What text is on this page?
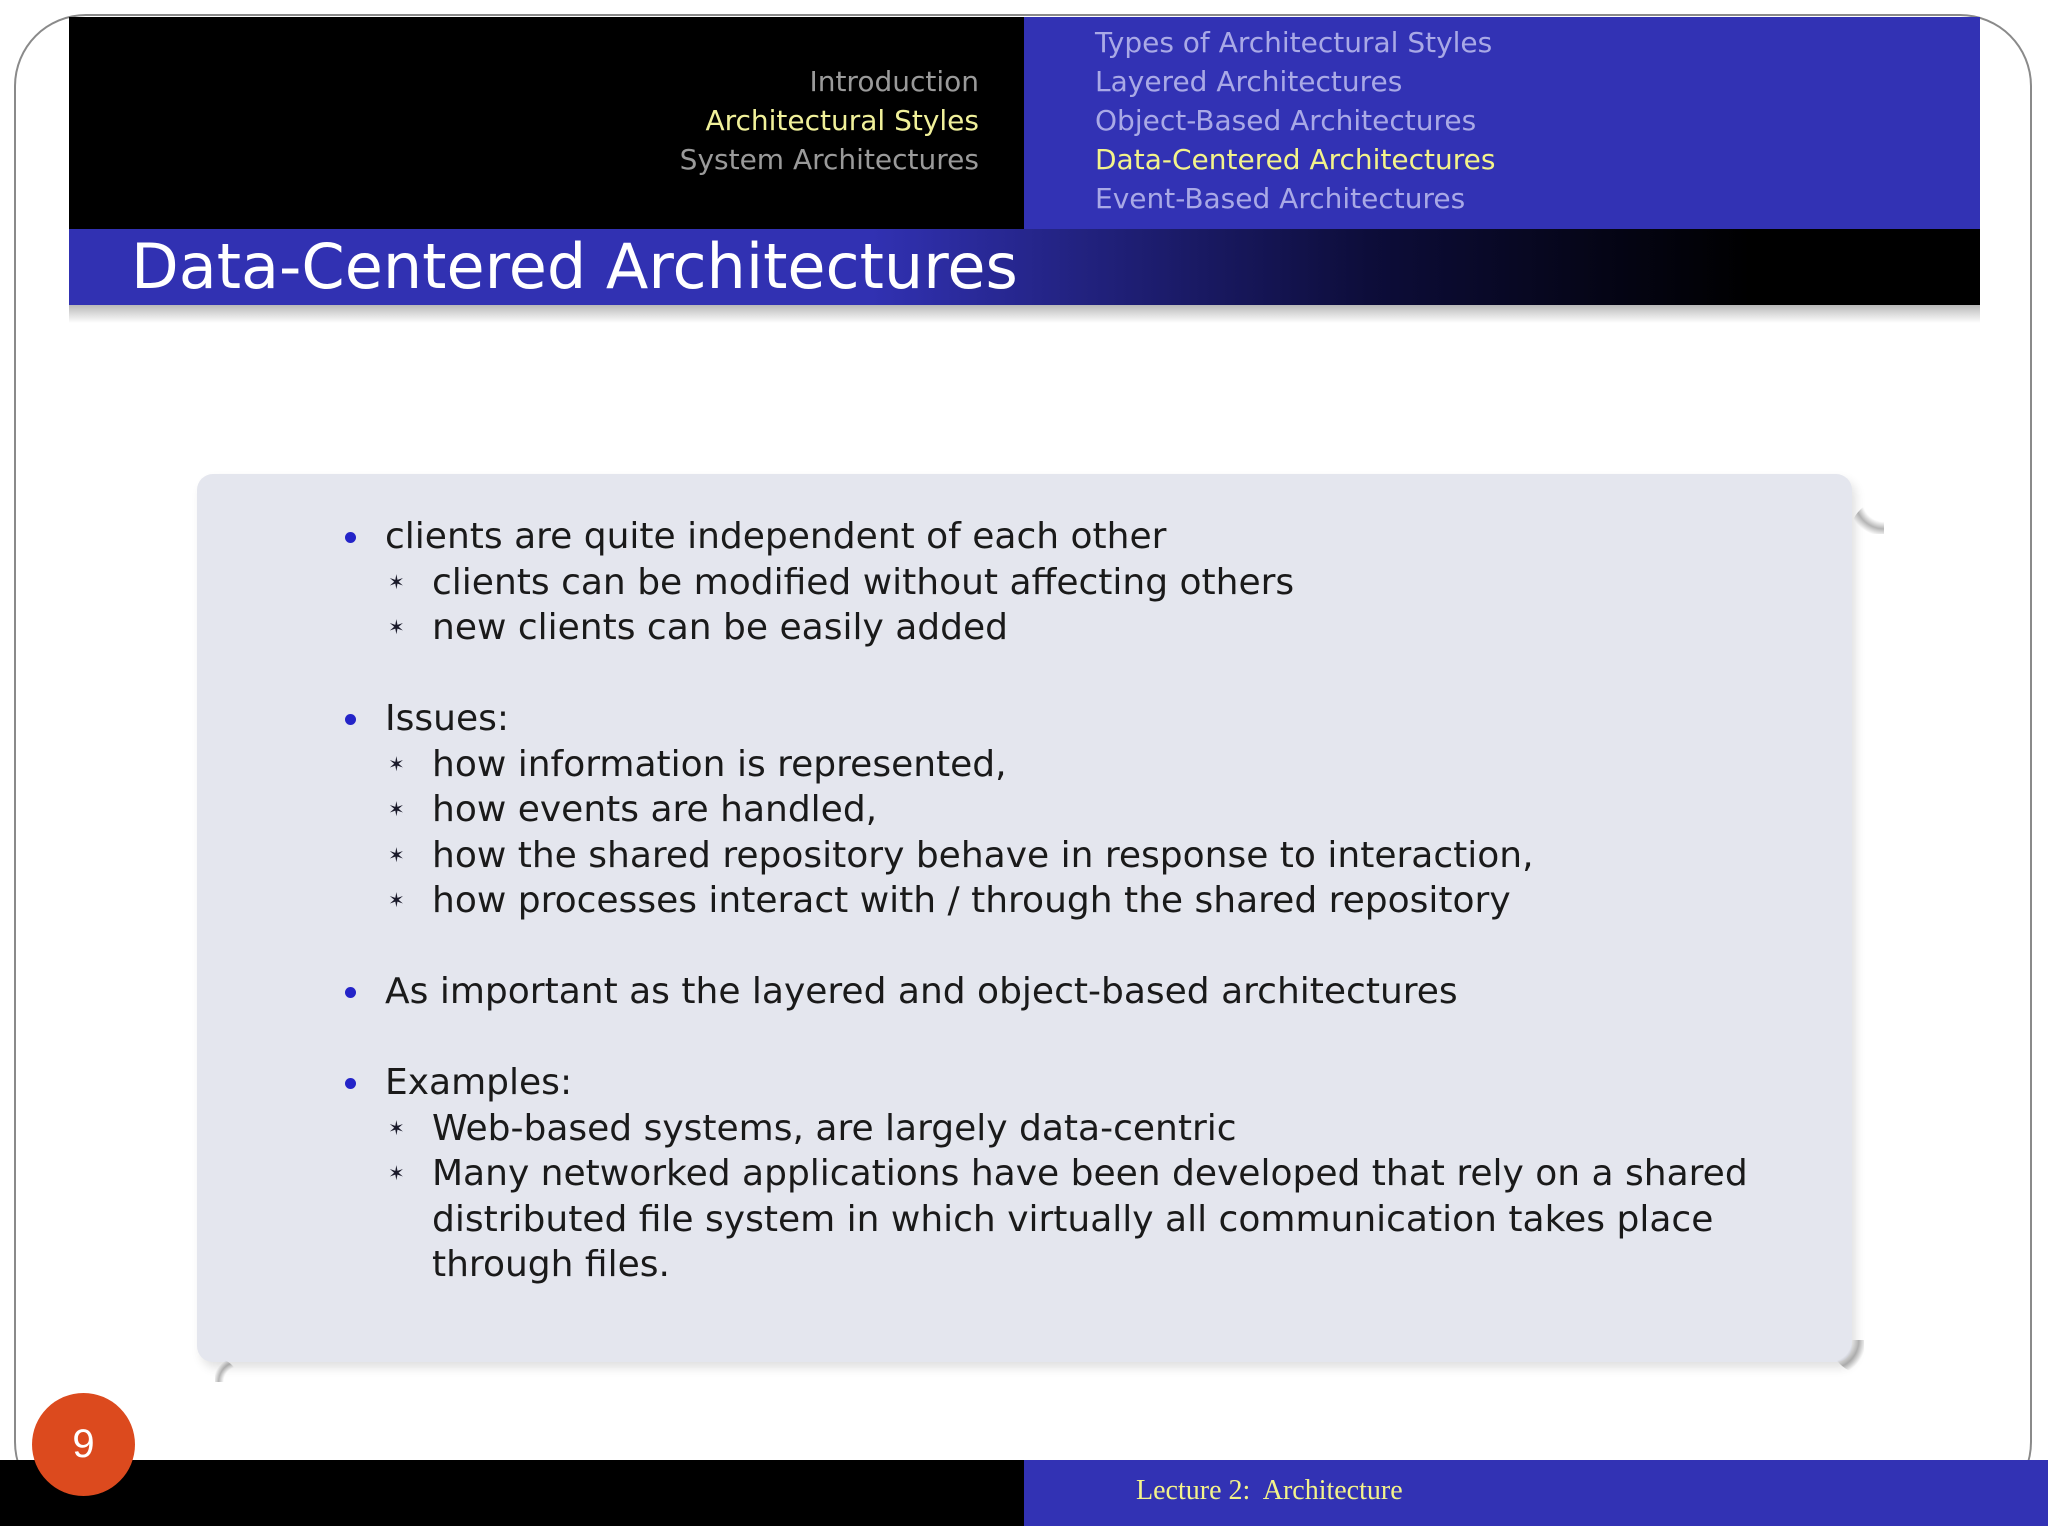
Introduction
Architectural Styles
System Architectures
Types of Architectural Styles
Layered Architectures
Object-Based Architectures
Data-Centered Architectures
Event-Based Architectures
Data-Centered Architectures
clients are quite independent of each other
✶ clients can be modified without affecting others
✶ new clients can be easily added
Issues:
✶ how information is represented,
✶ how events are handled,
✶ how the shared repository behave in response to interaction,
✶ how processes interact with / through the shared repository
As important as the layered and object-based architectures
Examples:
✶ Web-based systems, are largely data-centric
✶ Many networked applications have been developed that rely on a shared distributed file system in which virtually all communication takes place through files.
Lecture 2:  Architecture
9
